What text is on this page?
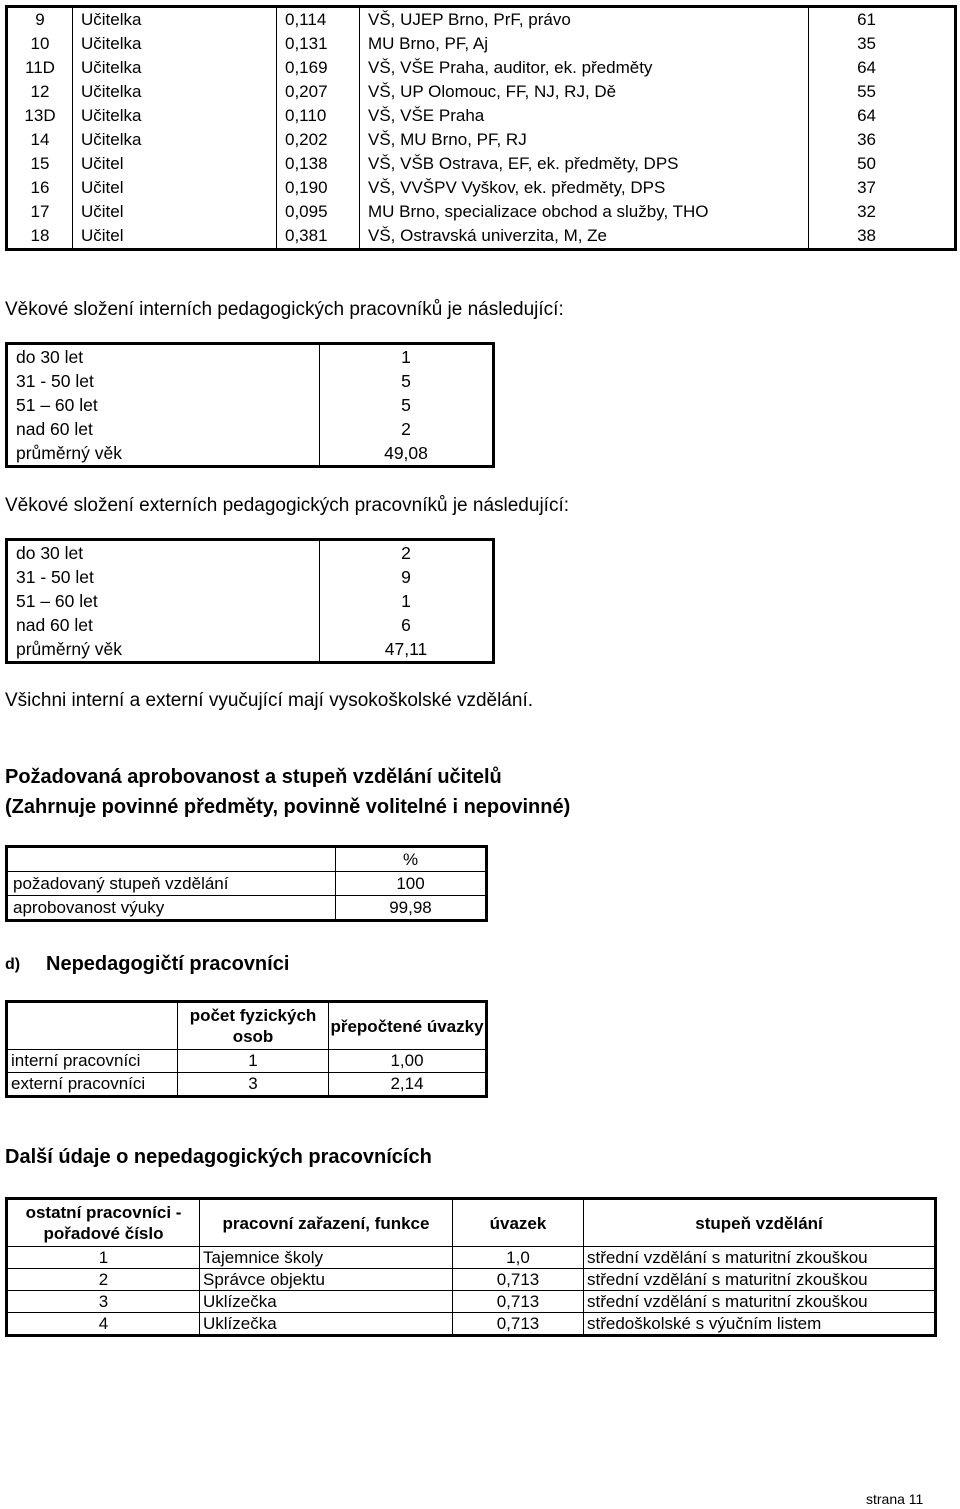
9	Učitelka	0,114	VŠ, UJEP Brno, PrF, právo	61
10	Učitelka	0,131	MU Brno, PF, Aj	35
11D	Učitelka	0,169	VŠ, VŠE Praha, auditor, ek. předměty	64
12	Učitelka	0,207	VŠ, UP Olomouc, FF, NJ, RJ, Dě	55
13D	Učitelka	0,110	VŠ, VŠE Praha	64
14	Učitelka	0,202	VŠ, MU Brno, PF, RJ	36
15	Učitel	0,138	VŠ, VŠB Ostrava, EF, ek. předměty, DPS	50
16	Učitel	0,190	VŠ, VVŠPV Vyškov, ek. předměty, DPS	37
17	Učitel	0,095	MU Brno, specializace obchod a služby, THO	32
18	Učitel	0,381	VŠ, Ostravská univerzita, M, Ze	38
Věkové složení interních pedagogických pracovníků je následující:
do 30 let	1
31 - 50 let	5
51 – 60 let	5
nad 60 let	2
průměrný věk	49,08
Věkové složení externích pedagogických pracovníků je následující:
do 30 let	2
31 - 50 let	9
51 – 60 let	1
nad 60 let	6
průměrný věk	47,11
Všichni interní a externí vyučující mají vysokoškolské vzdělání.
Požadovaná aprobovanost a stupeň vzdělání učitelů
(Zahrnuje povinné předměty, povinně volitelné i nepovinné)
	%
požadovaný stupeň vzdělání	100
aprobovanost výuky	99,98
d) Nepedagogičtí pracovníci
	počet fyzických osob	přepočtené úvazky
interní pracovníci	1	1,00
externí pracovníci	3	2,14
Další údaje o nepedagogických pracovnících
ostatní pracovníci - pořadové číslo	pracovní zařazení, funkce	úvazek	stupeň vzdělání
1	Tajemnice školy	1,0	střední vzdělání s maturitní zkouškou
2	Správce objektu	0,713	střední vzdělání s maturitní zkouškou
3	Uklízečka	0,713	střední vzdělání s maturitní zkouškou
4	Uklízečka	0,713	středoškolské s výučním listem
strana 11
